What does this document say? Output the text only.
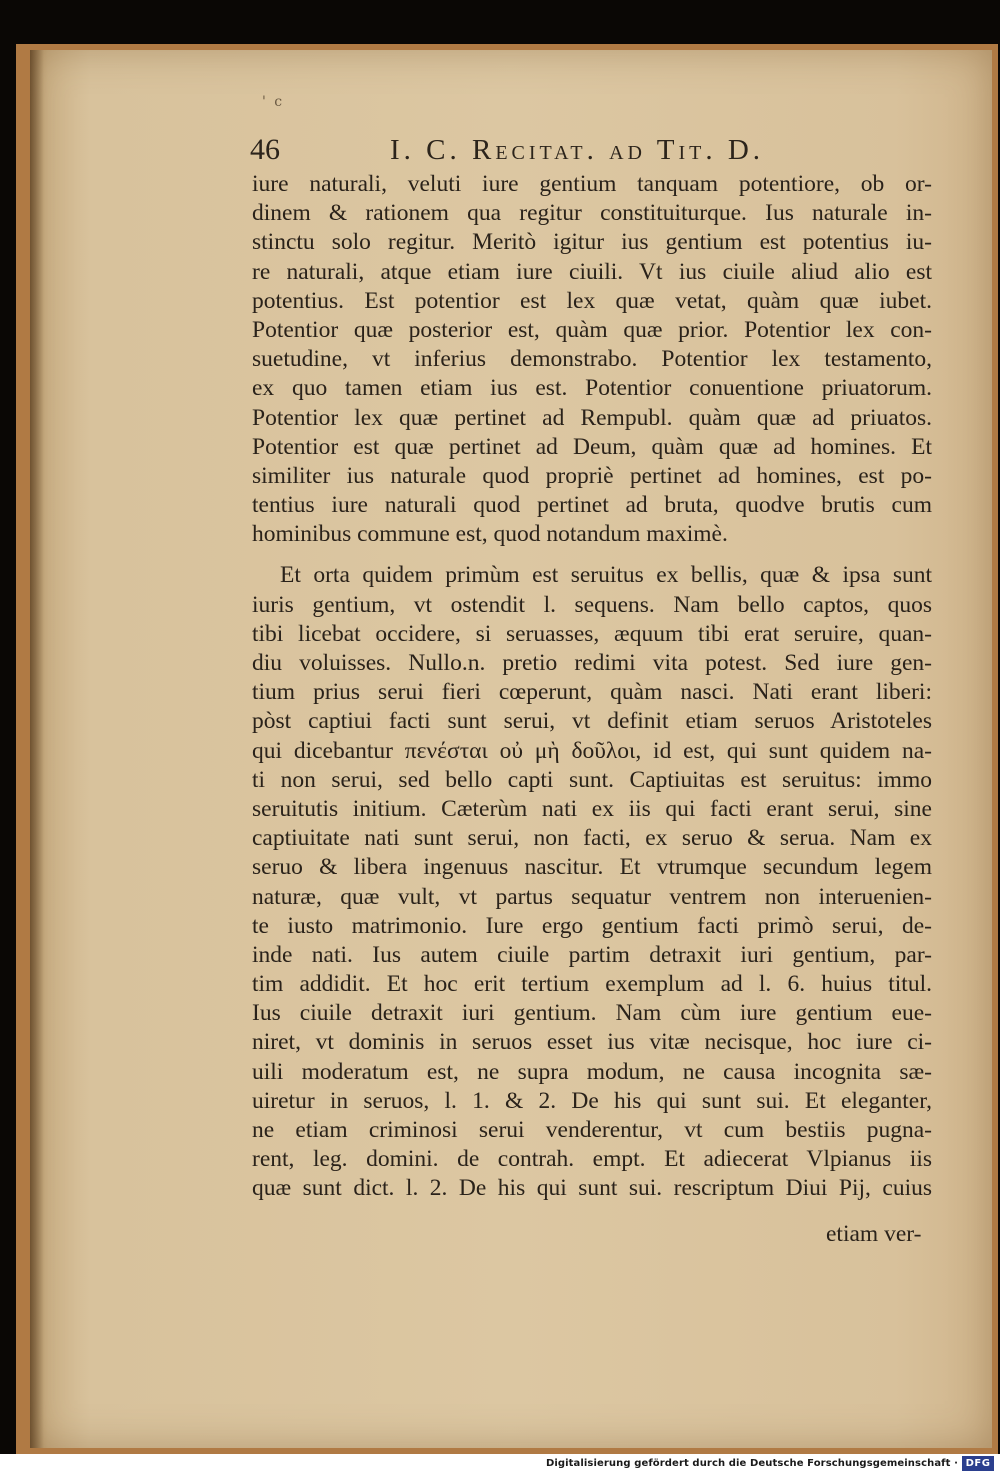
' c
46	I. C. Recitat. ad Tit. D.
iure naturali, veluti iure gentium tanquam potentiore, ob or-
dinem & rationem qua regitur constituiturque. Ius naturale in-
stinctu solo regitur. Meritò igitur ius gentium est potentius iu-
re naturali, atque etiam iure ciuili. Vt ius ciuile aliud alio est
potentius. Est potentior est lex quæ vetat, quàm quæ iubet.
Potentior quæ posterior est, quàm quæ prior. Potentior lex con-
suetudine, vt inferius demonstrabo. Potentior lex testamento,
ex quo tamen etiam ius est. Potentior conuentione priuatorum.
Potentior lex quæ pertinet ad Rempubl. quàm quæ ad priuatos.
Potentior est quæ pertinet ad Deum, quàm quæ ad homines. Et
similiter ius naturale quod propriè pertinet ad homines, est po-
tentius iure naturali quod pertinet ad bruta, quodve brutis cum
hominibus commune est, quod notandum maximè.
Et orta quidem primùm est seruitus ex bellis, quæ & ipsa sunt
iuris gentium, vt ostendit l. sequens. Nam bello captos, quos
tibi licebat occidere, si seruasses, æquum tibi erat seruire, quan-
diu voluisses. Nullo.n. pretio redimi vita potest. Sed iure gen-
tium prius serui fieri cœperunt, quàm nasci. Nati erant liberi:
pòst captiui facti sunt serui, vt definit etiam seruos Aristoteles
qui dicebantur πενέσται οὐ μὴ δοῦλοι, id est, qui sunt quidem na-
ti non serui, sed bello capti sunt. Captiuitas est seruitus: immo
seruitutis initium. Cæterùm nati ex iis qui facti erant serui, sine
captiuitate nati sunt serui, non facti, ex seruo & serua. Nam ex
seruo & libera ingenuus nascitur. Et vtrumque secundum legem
naturæ, quæ vult, vt partus sequatur ventrem non interuenien-
te iusto matrimonio. Iure ergo gentium facti primò serui, de-
inde nati. Ius autem ciuile partim detraxit iuri gentium, par-
tim addidit. Et hoc erit tertium exemplum ad l. 6. huius titul.
Ius ciuile detraxit iuri gentium. Nam cùm iure gentium eue-
niret, vt dominis in seruos esset ius vitæ necisque, hoc iure ci-
uili moderatum est, ne supra modum, ne causa incognita sæ-
uiretur in seruos, l. 1. & 2. De his qui sunt sui. Et eleganter,
ne etiam criminosi serui venderentur, vt cum bestiis pugna-
rent, leg. domini. de contrah. empt. Et adiecerat Vlpianus iis
quæ sunt dict. l. 2. De his qui sunt sui. rescriptum Diui Pij, cuius
etiam ver-
Digitalisierung gefördert durch die Deutsche Forschungsgemeinschaft · DFG
